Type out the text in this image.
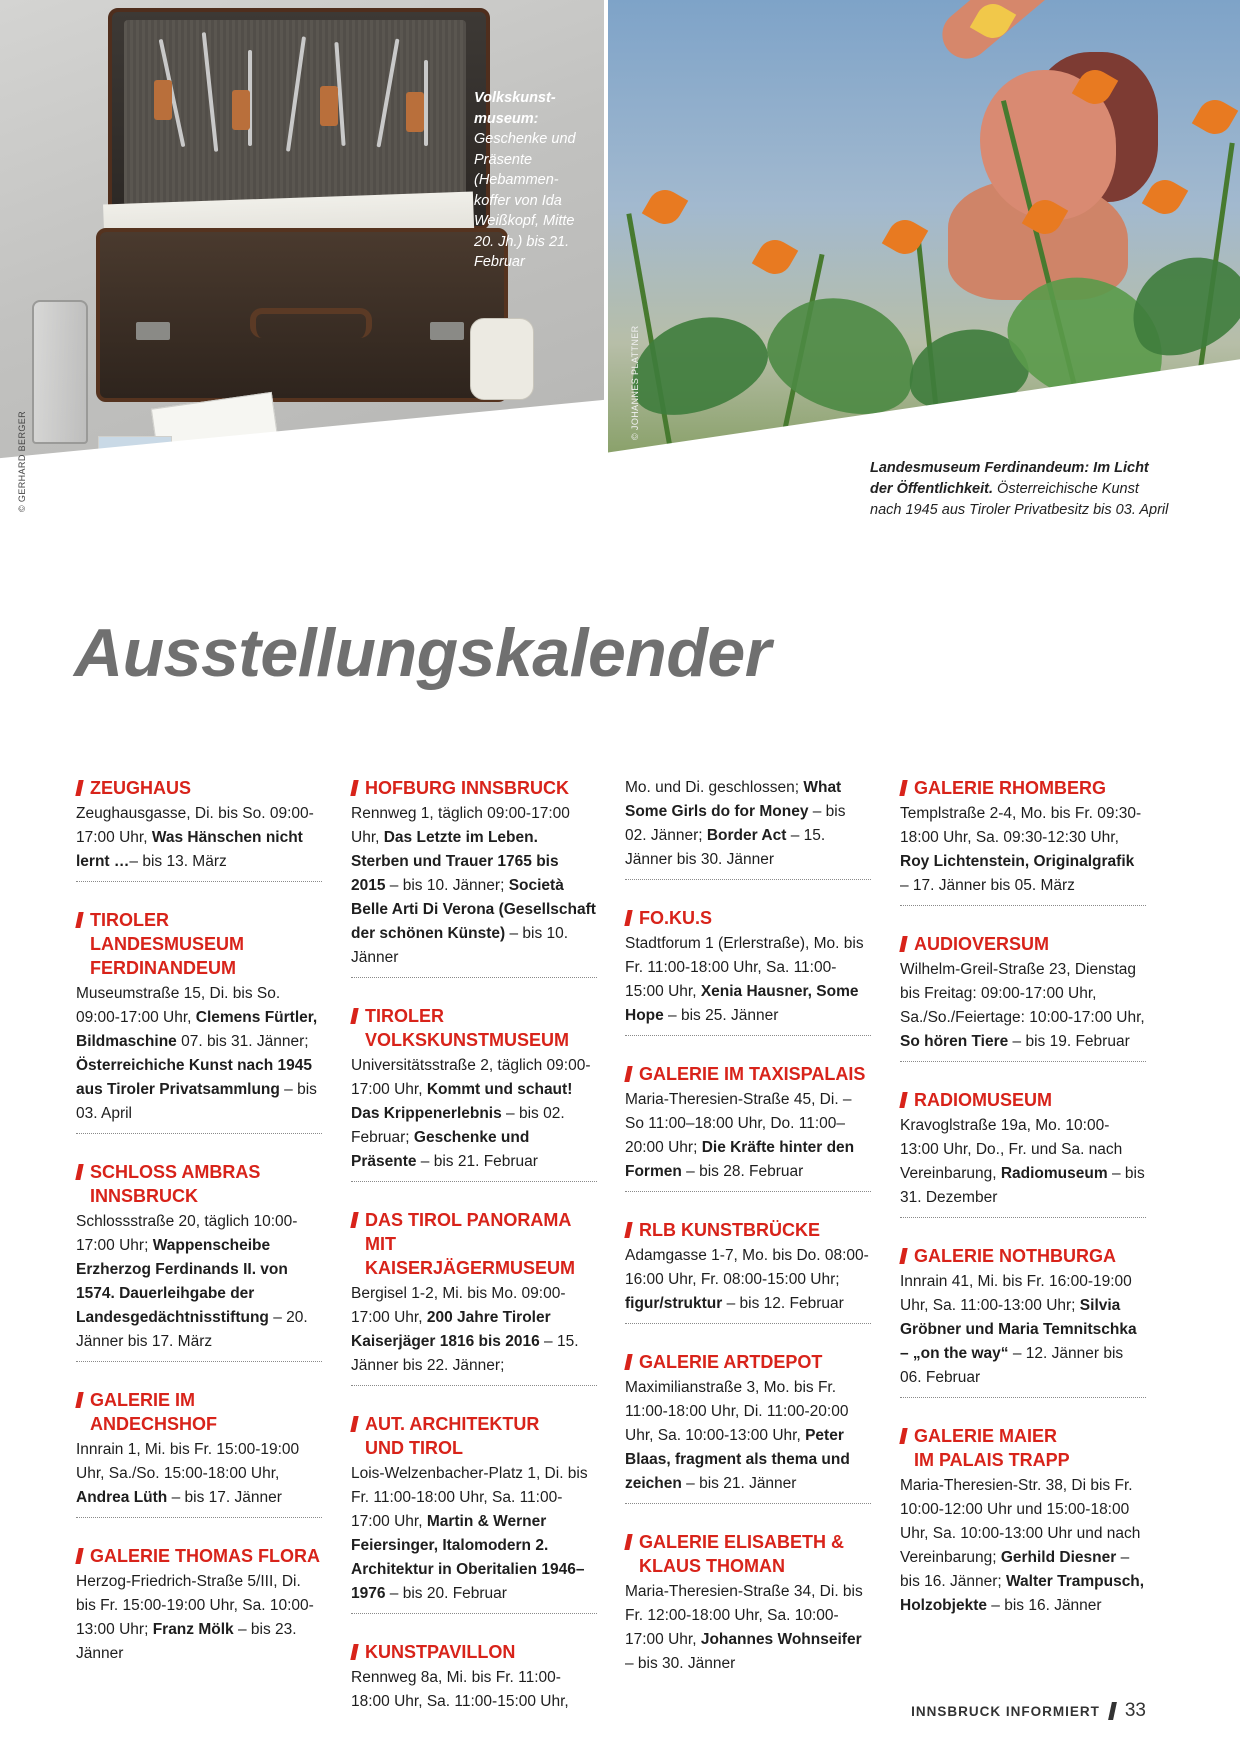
© GERHARD BERGER
Volkskunstmuseum: Geschenke und Präsente (Hebammenkoffer von Ida Weißkopf, Mitte 20. Jh.) bis 21. Februar
© JOHANNES PLATTNER
Landesmuseum Ferdinandeum: Im Licht der Öffentlichkeit. Österreichische Kunst nach 1945 aus Tiroler Privatbesitz bis 03. April
Ausstellungskalender
ZEUGHAUS
Zeughausgasse, Di. bis So. 09:00-17:00 Uhr, Was Hänschen nicht lernt …– bis 13. März
TIROLER LANDESMUSEUM
FERDINANDEUM
Museumstraße 15, Di. bis So. 09:00-17:00 Uhr, Clemens Fürtler, Bildmaschine 07. bis 31. Jänner; Österreichiche Kunst nach 1945 aus Tiroler Privatsammlung – bis 03. April
SCHLOSS AMBRAS
INNSBRUCK
Schlossstraße 20, täglich 10:00-17:00 Uhr; Wappenscheibe Erzherzog Ferdinands II. von 1574. Dauerleihgabe der Landesgedächtnisstiftung – 20. Jänner bis 17. März
GALERIE IM ANDECHSHOF
Innrain 1, Mi. bis Fr. 15:00-19:00 Uhr, Sa./So. 15:00-18:00 Uhr, Andrea Lüth – bis 17. Jänner
GALERIE THOMAS FLORA
Herzog-Friedrich-Straße 5/III, Di. bis Fr. 15:00-19:00 Uhr, Sa. 10:00-13:00 Uhr; Franz Mölk – bis 23. Jänner
HOFBURG INNSBRUCK
Rennweg 1, täglich 09:00-17:00 Uhr, Das Letzte im Leben. Sterben und Trauer 1765 bis 2015 – bis 10. Jänner; Società Belle Arti Di Verona (Gesellschaft der schönen Künste) – bis 10. Jänner
TIROLER
VOLKSKUNSTMUSEUM
Universitätsstraße 2, täglich 09:00-17:00 Uhr, Kommt und schaut! Das Krippenerlebnis – bis 02. Februar; Geschenke und Präsente – bis 21. Februar
DAS TIROL PANORAMA MIT
KAISERJÄGERMUSEUM
Bergisel 1-2, Mi. bis Mo. 09:00-17:00 Uhr, 200 Jahre Tiroler Kaiserjäger 1816 bis 2016 – 15. Jänner bis 22. Jänner;
AUT. ARCHITEKTUR
UND TIROL
Lois-Welzenbacher-Platz 1, Di. bis Fr. 11:00-18:00 Uhr, Sa. 11:00-17:00 Uhr, Martin & Werner Feiersinger, Italomodern 2. Architektur in Oberitalien 1946–1976 – bis 20. Februar
KUNSTPAVILLON
Rennweg 8a, Mi. bis Fr. 11:00-18:00 Uhr, Sa. 11:00-15:00 Uhr,
Mo. und Di. geschlossen; What Some Girls do for Money – bis 02. Jänner; Border Act – 15. Jänner bis 30. Jänner
FO.KU.S
Stadtforum 1 (Erlerstraße), Mo. bis Fr. 11:00-18:00 Uhr, Sa. 11:00-15:00 Uhr, Xenia Hausner, Some Hope – bis 25. Jänner
GALERIE IM TAXISPALAIS
Maria-Theresien-Straße 45, Di. – So 11:00–18:00 Uhr, Do. 11:00–20:00 Uhr; Die Kräfte hinter den Formen – bis 28. Februar
RLB KUNSTBRÜCKE
Adamgasse 1-7, Mo. bis Do. 08:00-16:00 Uhr, Fr. 08:00-15:00 Uhr; figur/struktur – bis 12. Februar
GALERIE ARTDEPOT
Maximilianstraße 3, Mo. bis Fr. 11:00-18:00 Uhr, Di. 11:00-20:00 Uhr, Sa. 10:00-13:00 Uhr, Peter Blaas, fragment als thema und zeichen – bis 21. Jänner
GALERIE ELISABETH &
KLAUS THOMAN
Maria-Theresien-Straße 34, Di. bis Fr. 12:00-18:00 Uhr, Sa. 10:00-17:00 Uhr, Johannes Wohnseifer – bis 30. Jänner
GALERIE RHOMBERG
Templstraße 2-4, Mo. bis Fr. 09:30-18:00 Uhr, Sa. 09:30-12:30 Uhr, Roy Lichtenstein, Originalgrafik – 17. Jänner bis 05. März
AUDIOVERSUM
Wilhelm-Greil-Straße 23, Dienstag bis Freitag: 09:00-17:00 Uhr, Sa./So./Feiertage: 10:00-17:00 Uhr, So hören Tiere – bis 19. Februar
RADIOMUSEUM
Kravoglstraße 19a, Mo. 10:00-13:00 Uhr, Do., Fr. und Sa. nach Vereinbarung, Radiomuseum – bis 31. Dezember
GALERIE NOTHBURGA
Innrain 41, Mi. bis Fr. 16:00-19:00 Uhr, Sa. 11:00-13:00 Uhr; Silvia Gröbner und Maria Temnitschka – „on the way“ – 12. Jänner bis 06. Februar
GALERIE MAIER
IM PALAIS TRAPP
Maria-Theresien-Str. 38, Di bis Fr. 10:00-12:00 Uhr und 15:00-18:00 Uhr, Sa. 10:00-13:00 Uhr und nach Vereinbarung; Gerhild Diesner – bis 16. Jänner; Walter Trampusch, Holzobjekte – bis 16. Jänner
INNSBRUCK INFORMIERT 33
